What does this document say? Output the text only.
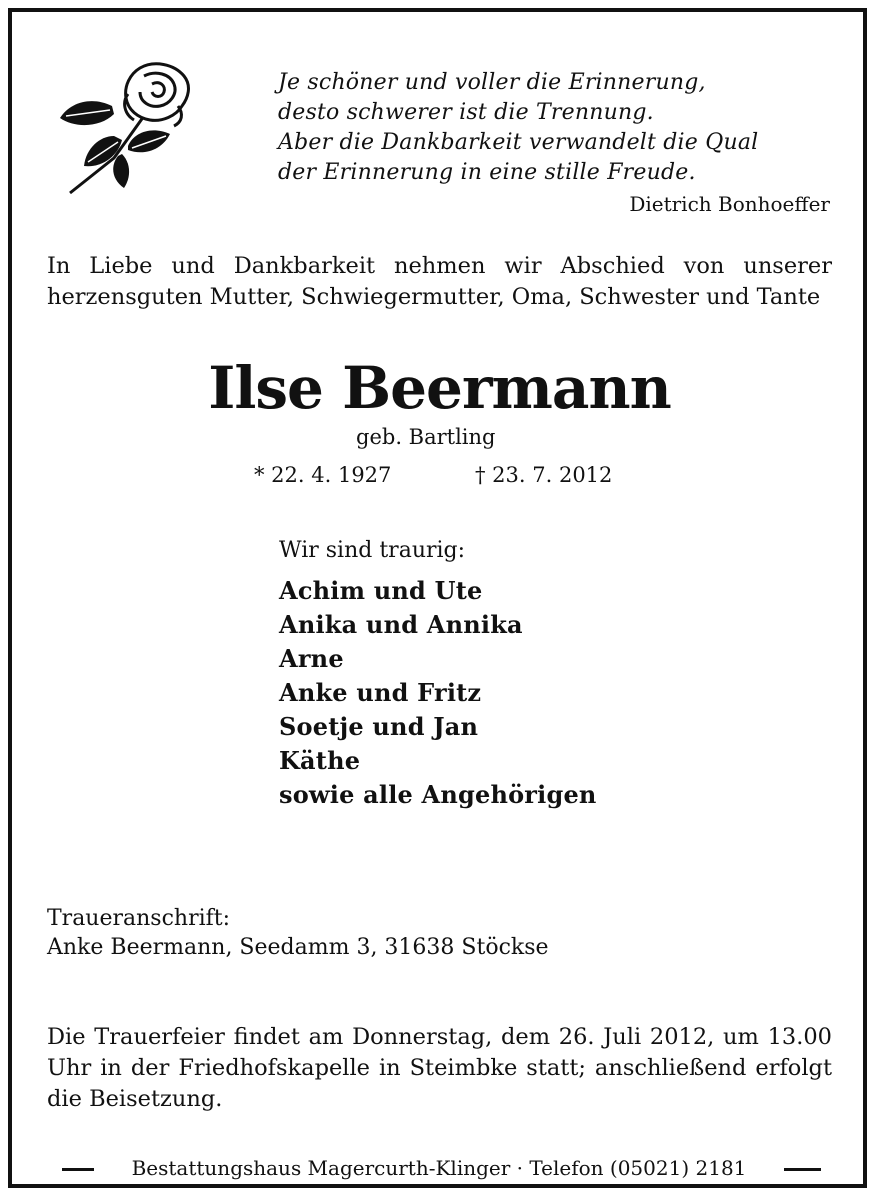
Je schöner und voller die Erinnerung,
desto schwerer ist die Trennung.
Aber die Dankbarkeit verwandelt die Qual
der Erinnerung in eine stille Freude.
Dietrich Bonhoeffer
In Liebe und Dankbarkeit nehmen wir Abschied von unserer herzensguten Mutter, Schwiegermutter, Oma, Schwester und Tante
Ilse Beermann
geb. Bartling
* 22. 4. 1927	† 23. 7. 2012
Wir sind traurig:
Achim und Ute
Anika und Annika
Arne
Anke und Fritz
Soetje und Jan
Käthe
sowie alle Angehörigen
Traueranschrift:
Anke Beermann, Seedamm 3, 31638 Stöckse
Die Trauerfeier findet am Donnerstag, dem 26. Juli 2012, um 13.00 Uhr in der Friedhofskapelle in Steimbke statt; anschließend erfolgt die Beisetzung.
Bestattungshaus Magercurth-Klinger · Telefon (05021) 2181
